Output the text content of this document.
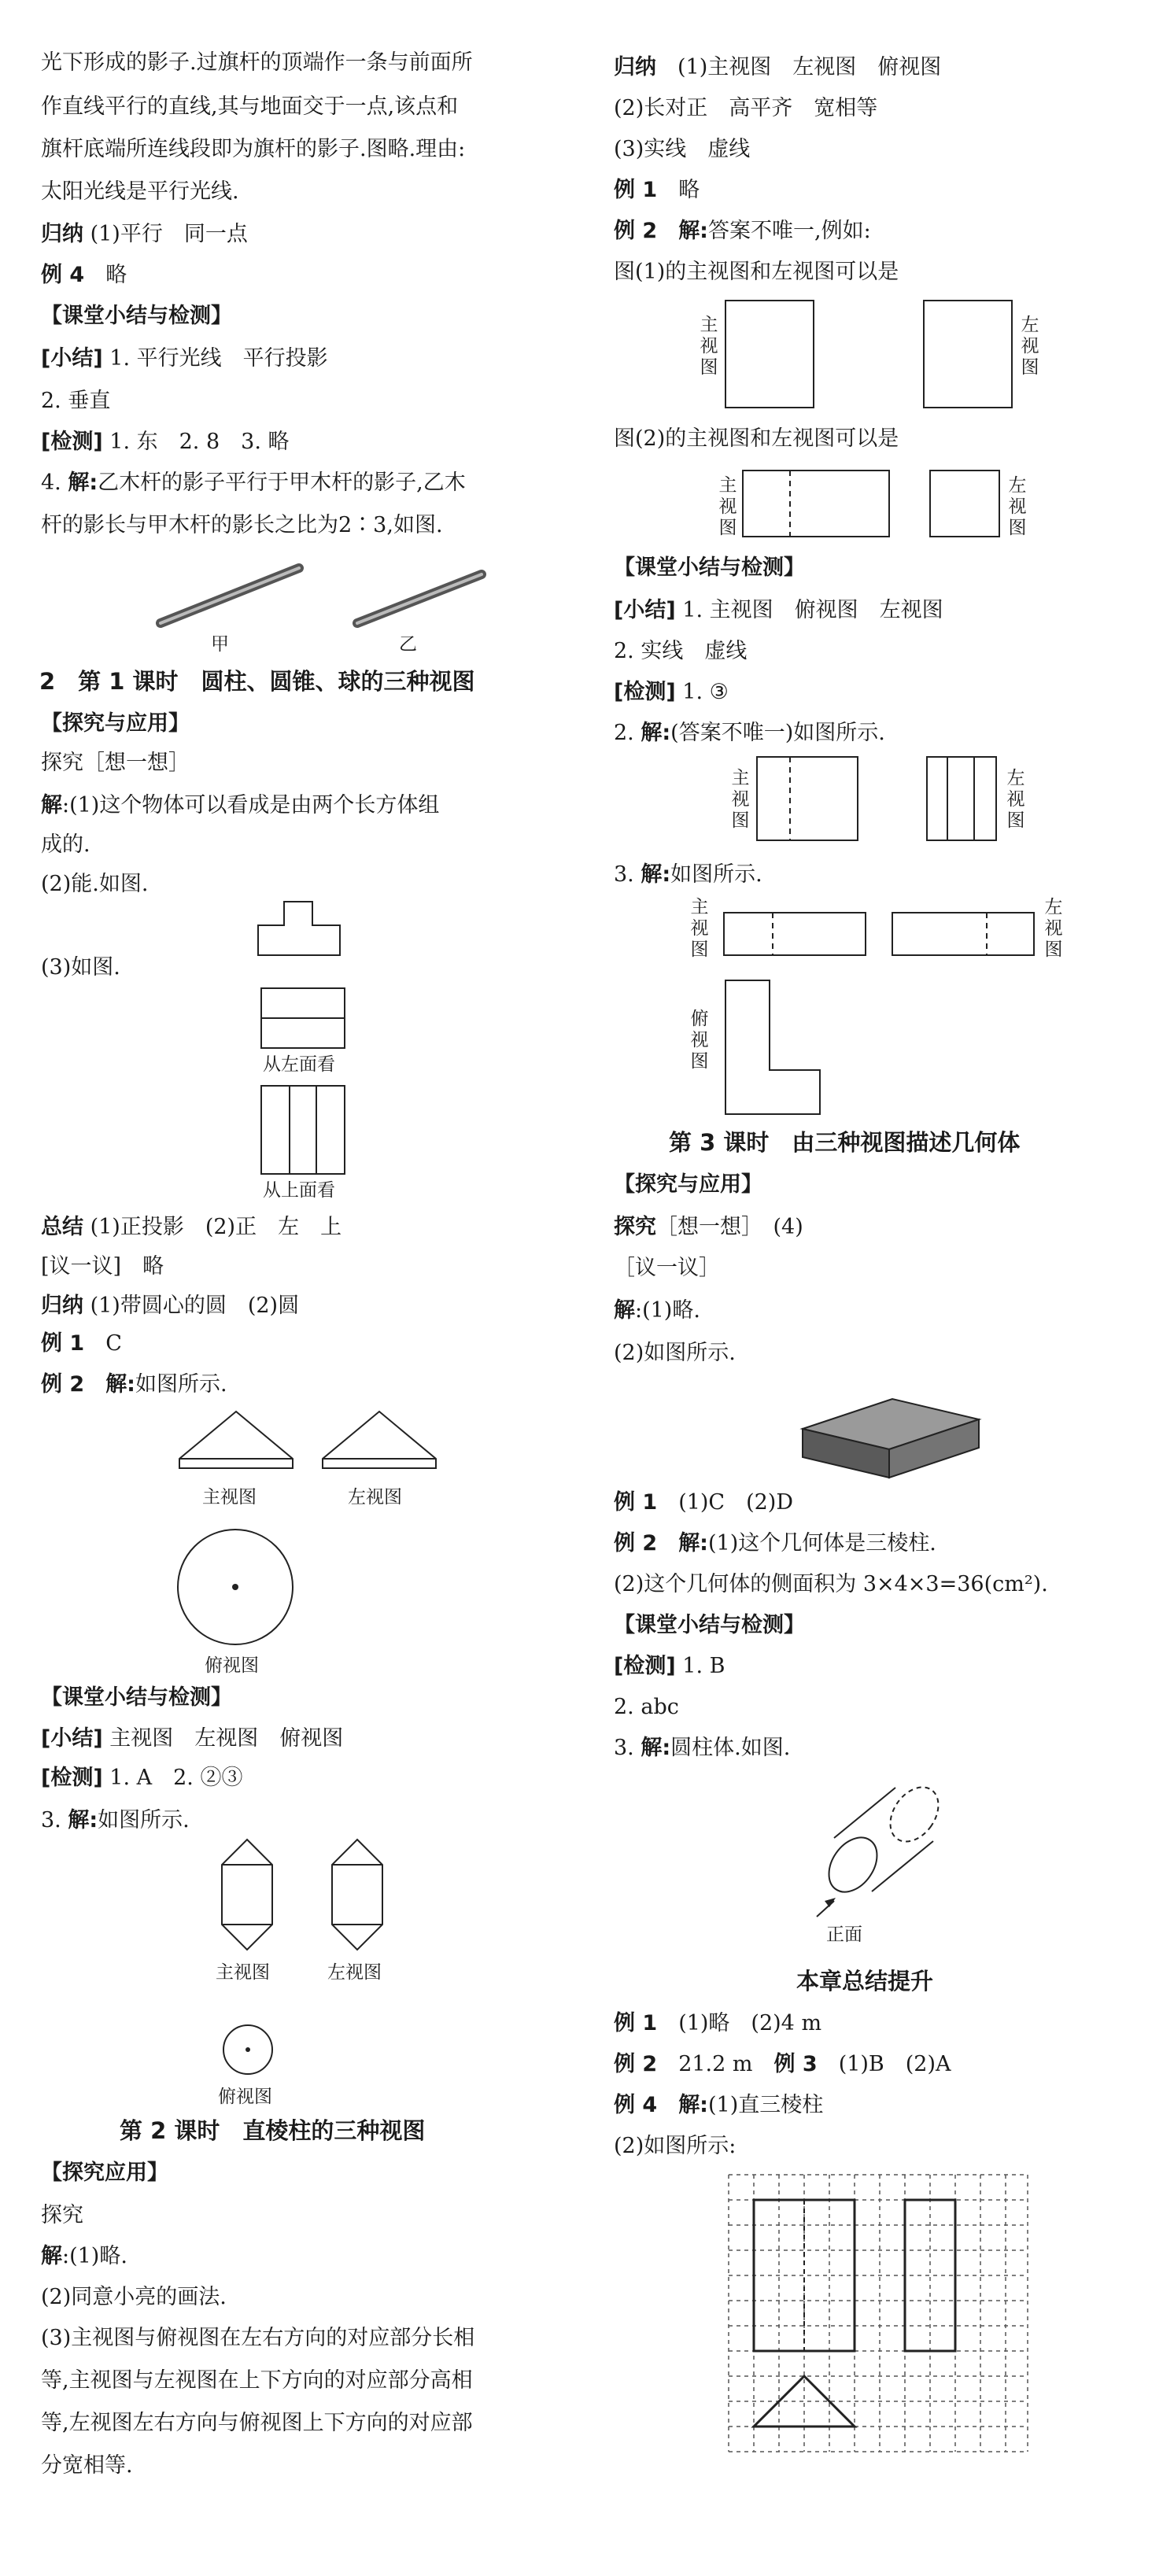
光下形成的影子.过旗杆的顶端作一条与前面所
作直线平行的直线,其与地面交于一点,该点和
旗杆底端所连线段即为旗杆的影子.图略.理由:
太阳光线是平行光线.
归纳 (1)平行　同一点
例 4　 略
【课堂小结与检测】
[小结] 1. 平行光线　平行投影
2. 垂直
[检测] 1. 东　2. 8　3. 略
4. 解:乙木杆的影子平行于甲木杆的影子,乙木
杆的影长与甲木杆的影长之比为2∶3,如图.
甲	乙
2　第 1 课时　圆柱、圆锥、球的三种视图
【探究与应用】
探究［想一想］
解:(1)这个物体可以看成是由两个长方体组
成的.
(2)能.如图.
(3)如图.
从左面看
从上面看
总结 (1)正投影　(2)正　左　上
[议一议]　略
归纳 (1)带圆心的圆　(2)圆
例 1　 C
例 2　 解:如图所示.
主视图	左视图
俯视图
【课堂小结与检测】
[小结] 主视图　左视图　俯视图
[检测] 1. A　2. ②③
3. 解:如图所示.
主视图	左视图
俯视图
第 2 课时　直棱柱的三种视图
【探究应用】
探究
解:(1)略.
(2)同意小亮的画法.
(3)主视图与俯视图在左右方向的对应部分长相
等,主视图与左视图在上下方向的对应部分高相
等,左视图左右方向与俯视图上下方向的对应部
分宽相等.
归纳　 (1)主视图　左视图　俯视图
(2)长对正　高平齐　宽相等
(3)实线　虚线
例 1　 略
例 2　 解:答案不唯一,例如:
图(1)的主视图和左视图可以是
主
视
图
左
视
图
图(2)的主视图和左视图可以是
主
视
图
左
视
图
【课堂小结与检测】
[小结] 1. 主视图　俯视图　左视图
2. 实线　虚线
[检测] 1. ③
2. 解:(答案不唯一)如图所示.
主
视
图
左
视
图
3. 解:如图所示.
主
视
图
左
视
图
俯
视
图
第 3 课时　由三种视图描述几何体
【探究与应用】
探究［想一想］　(4)
［议一议］
解:(1)略.
(2)如图所示.
例 1　 (1)C　(2)D
例 2　 解:(1)这个几何体是三棱柱.
(2)这个几何体的侧面积为 3×4×3=36(cm²).
【课堂小结与检测】
[检测] 1. B
2. abc
3. 解:圆柱体.如图.
正面
本章总结提升
例 1　 (1)略　(2)4 m
例 2　 21.2 m　 例 3　 (1)B　(2)A
例 4　 解:(1)直三棱柱
(2)如图所示:
